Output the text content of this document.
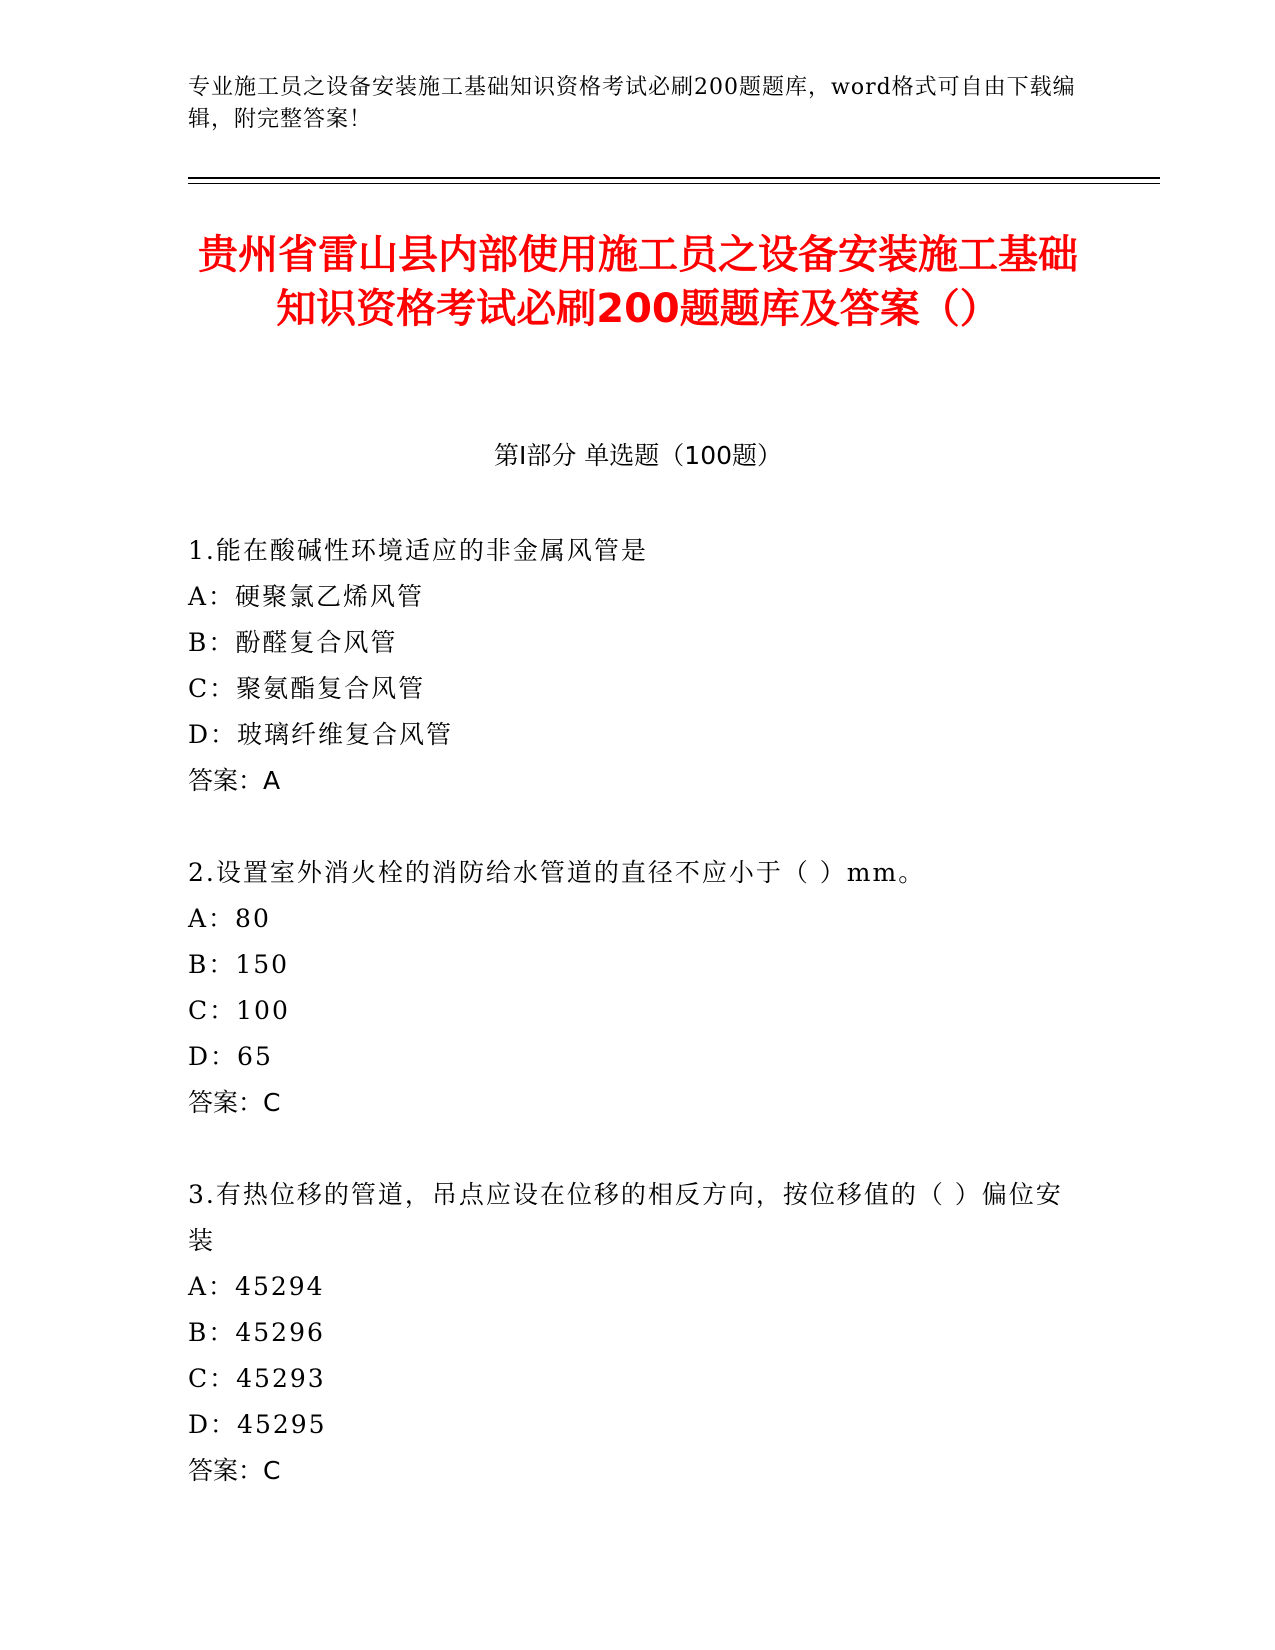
专业施工员之设备安装施工基础知识资格考试必刷200题题库，word格式可自由下载编辑，附完整答案！
贵州省雷山县内部使用施工员之设备安装施工基础知识资格考试必刷200题题库及答案（）
第Ⅰ部分 单选题（100题）

1.能在酸碱性环境适应的非金属风管是

A：硬聚氯乙烯风管

B：酚醛复合风管

C：聚氨酯复合风管

D：玻璃纤维复合风管

答案：A

2.设置室外消火栓的消防给水管道的直径不应小于（ ）mm。

A：80

B：150

C：100

D：65

答案：C

3.有热位移的管道，吊点应设在位移的相反方向，按位移值的（ ）偏位安装

A：45294

B：45296

C：45293

D：45295

答案：C
